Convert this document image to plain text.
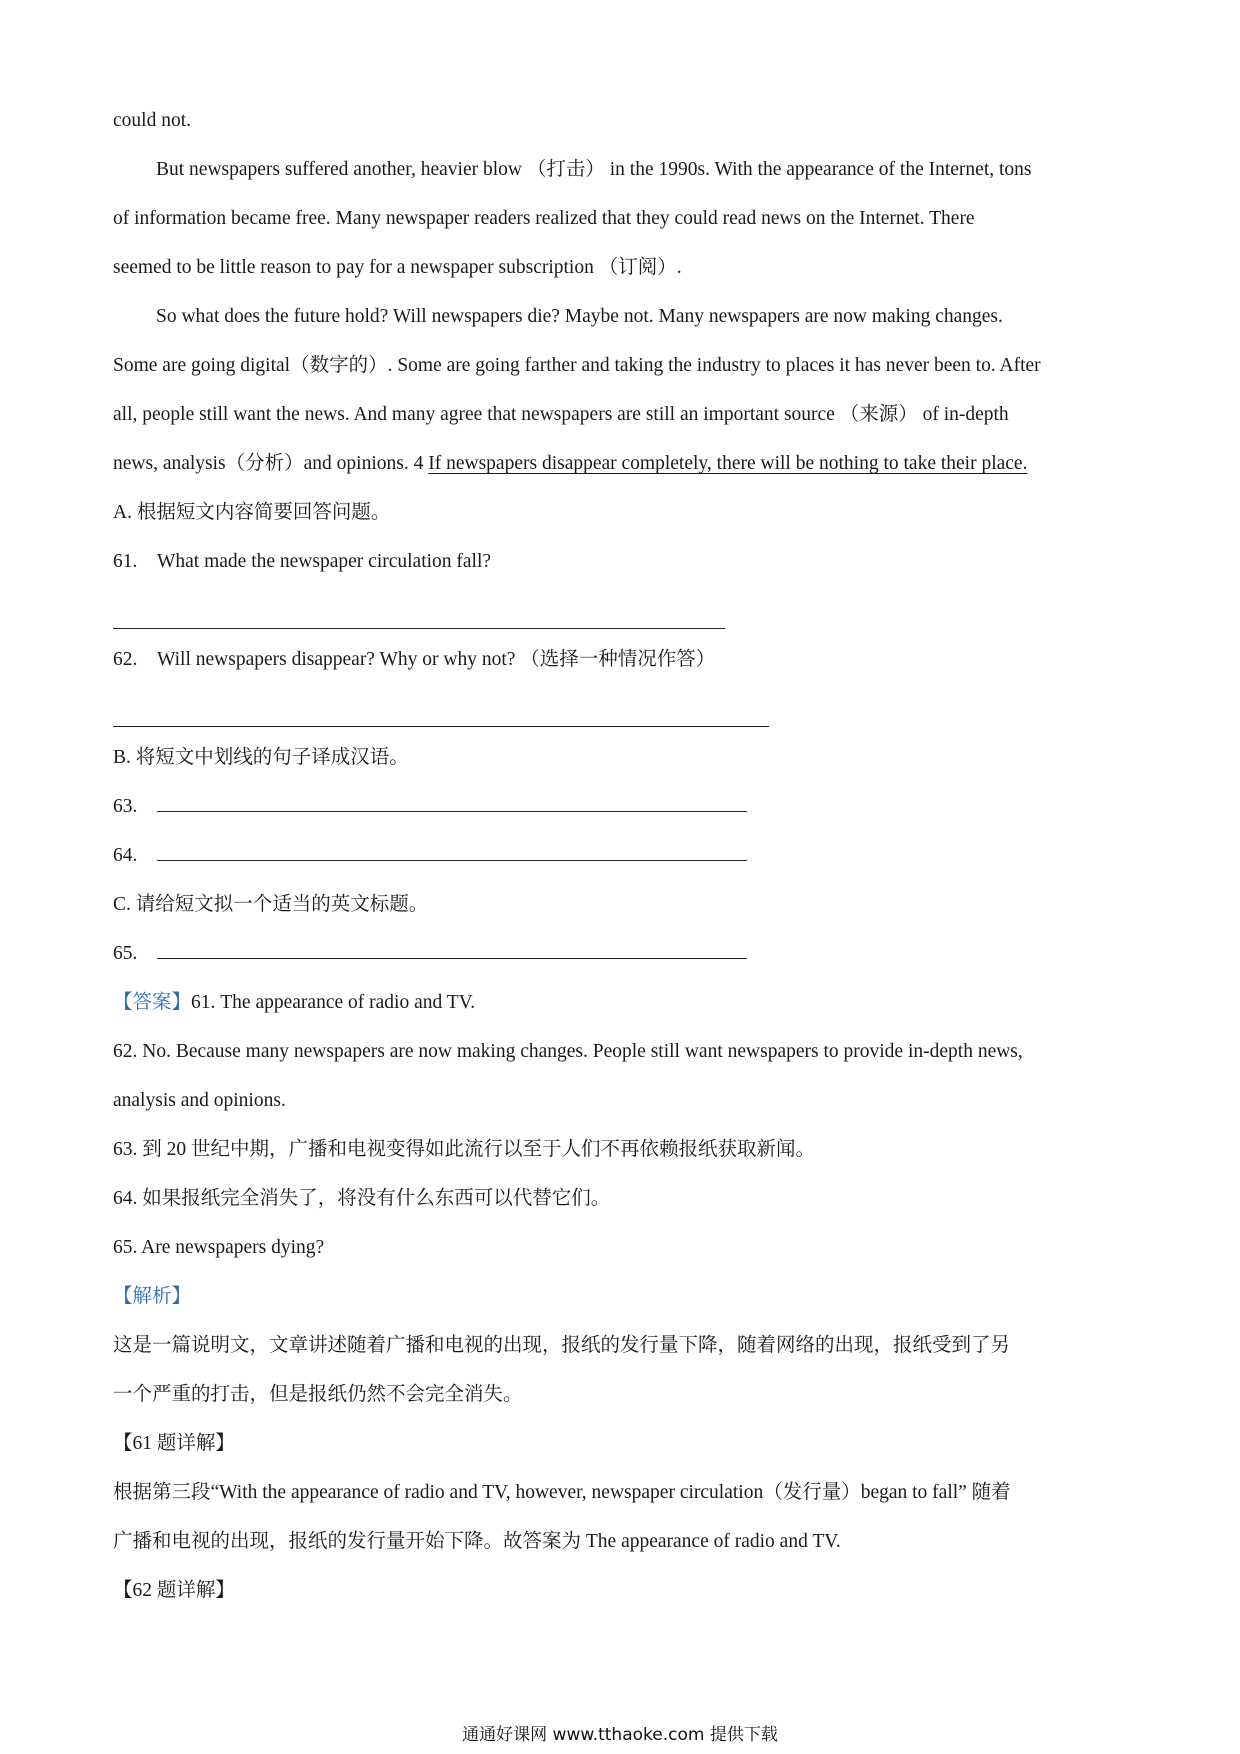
could not.
But newspapers suffered another, heavier blow （打击） in the 1990s. With the appearance of the Internet, tons
of information became free. Many newspaper readers realized that they could read news on the Internet. There
seemed to be little reason to pay for a newspaper subscription （订阅）.
So what does the future hold? Will newspapers die? Maybe not. Many newspapers are now making changes.
Some are going digital（数字的）. Some are going farther and taking the industry to places it has never been to. After
all, people still want the news. And many agree that newspapers are still an important source （来源） of in-depth
news, analysis（分析）and opinions. 4 If newspapers disappear completely, there will be nothing to take their place.
A. 根据短文内容简要回答问题。
61.	What made the newspaper circulation fall?
62.	Will newspapers disappear? Why or why not? （选择一种情况作答）
B. 将短文中划线的句子译成汉语。
63.
64.
C. 请给短文拟一个适当的英文标题。
65.
【答案】61. The appearance of radio and TV.
62. No. Because many newspapers are now making changes. People still want newspapers to provide in-depth news,
analysis and opinions.
63. 到 20 世纪中期，广播和电视变得如此流行以至于人们不再依赖报纸获取新闻。
64. 如果报纸完全消失了，将没有什么东西可以代替它们。
65. Are newspapers dying?
【解析】
这是一篇说明文，文章讲述随着广播和电视的出现，报纸的发行量下降，随着网络的出现，报纸受到了另
一个严重的打击，但是报纸仍然不会完全消失。
【61 题详解】
根据第三段“With the appearance of radio and TV, however, newspaper circulation（发行量）began to fall” 随着
广播和电视的出现，报纸的发行量开始下降。故答案为 The appearance of radio and TV.
【62 题详解】
通通好课网 www.tthaoke.com 提供下载
